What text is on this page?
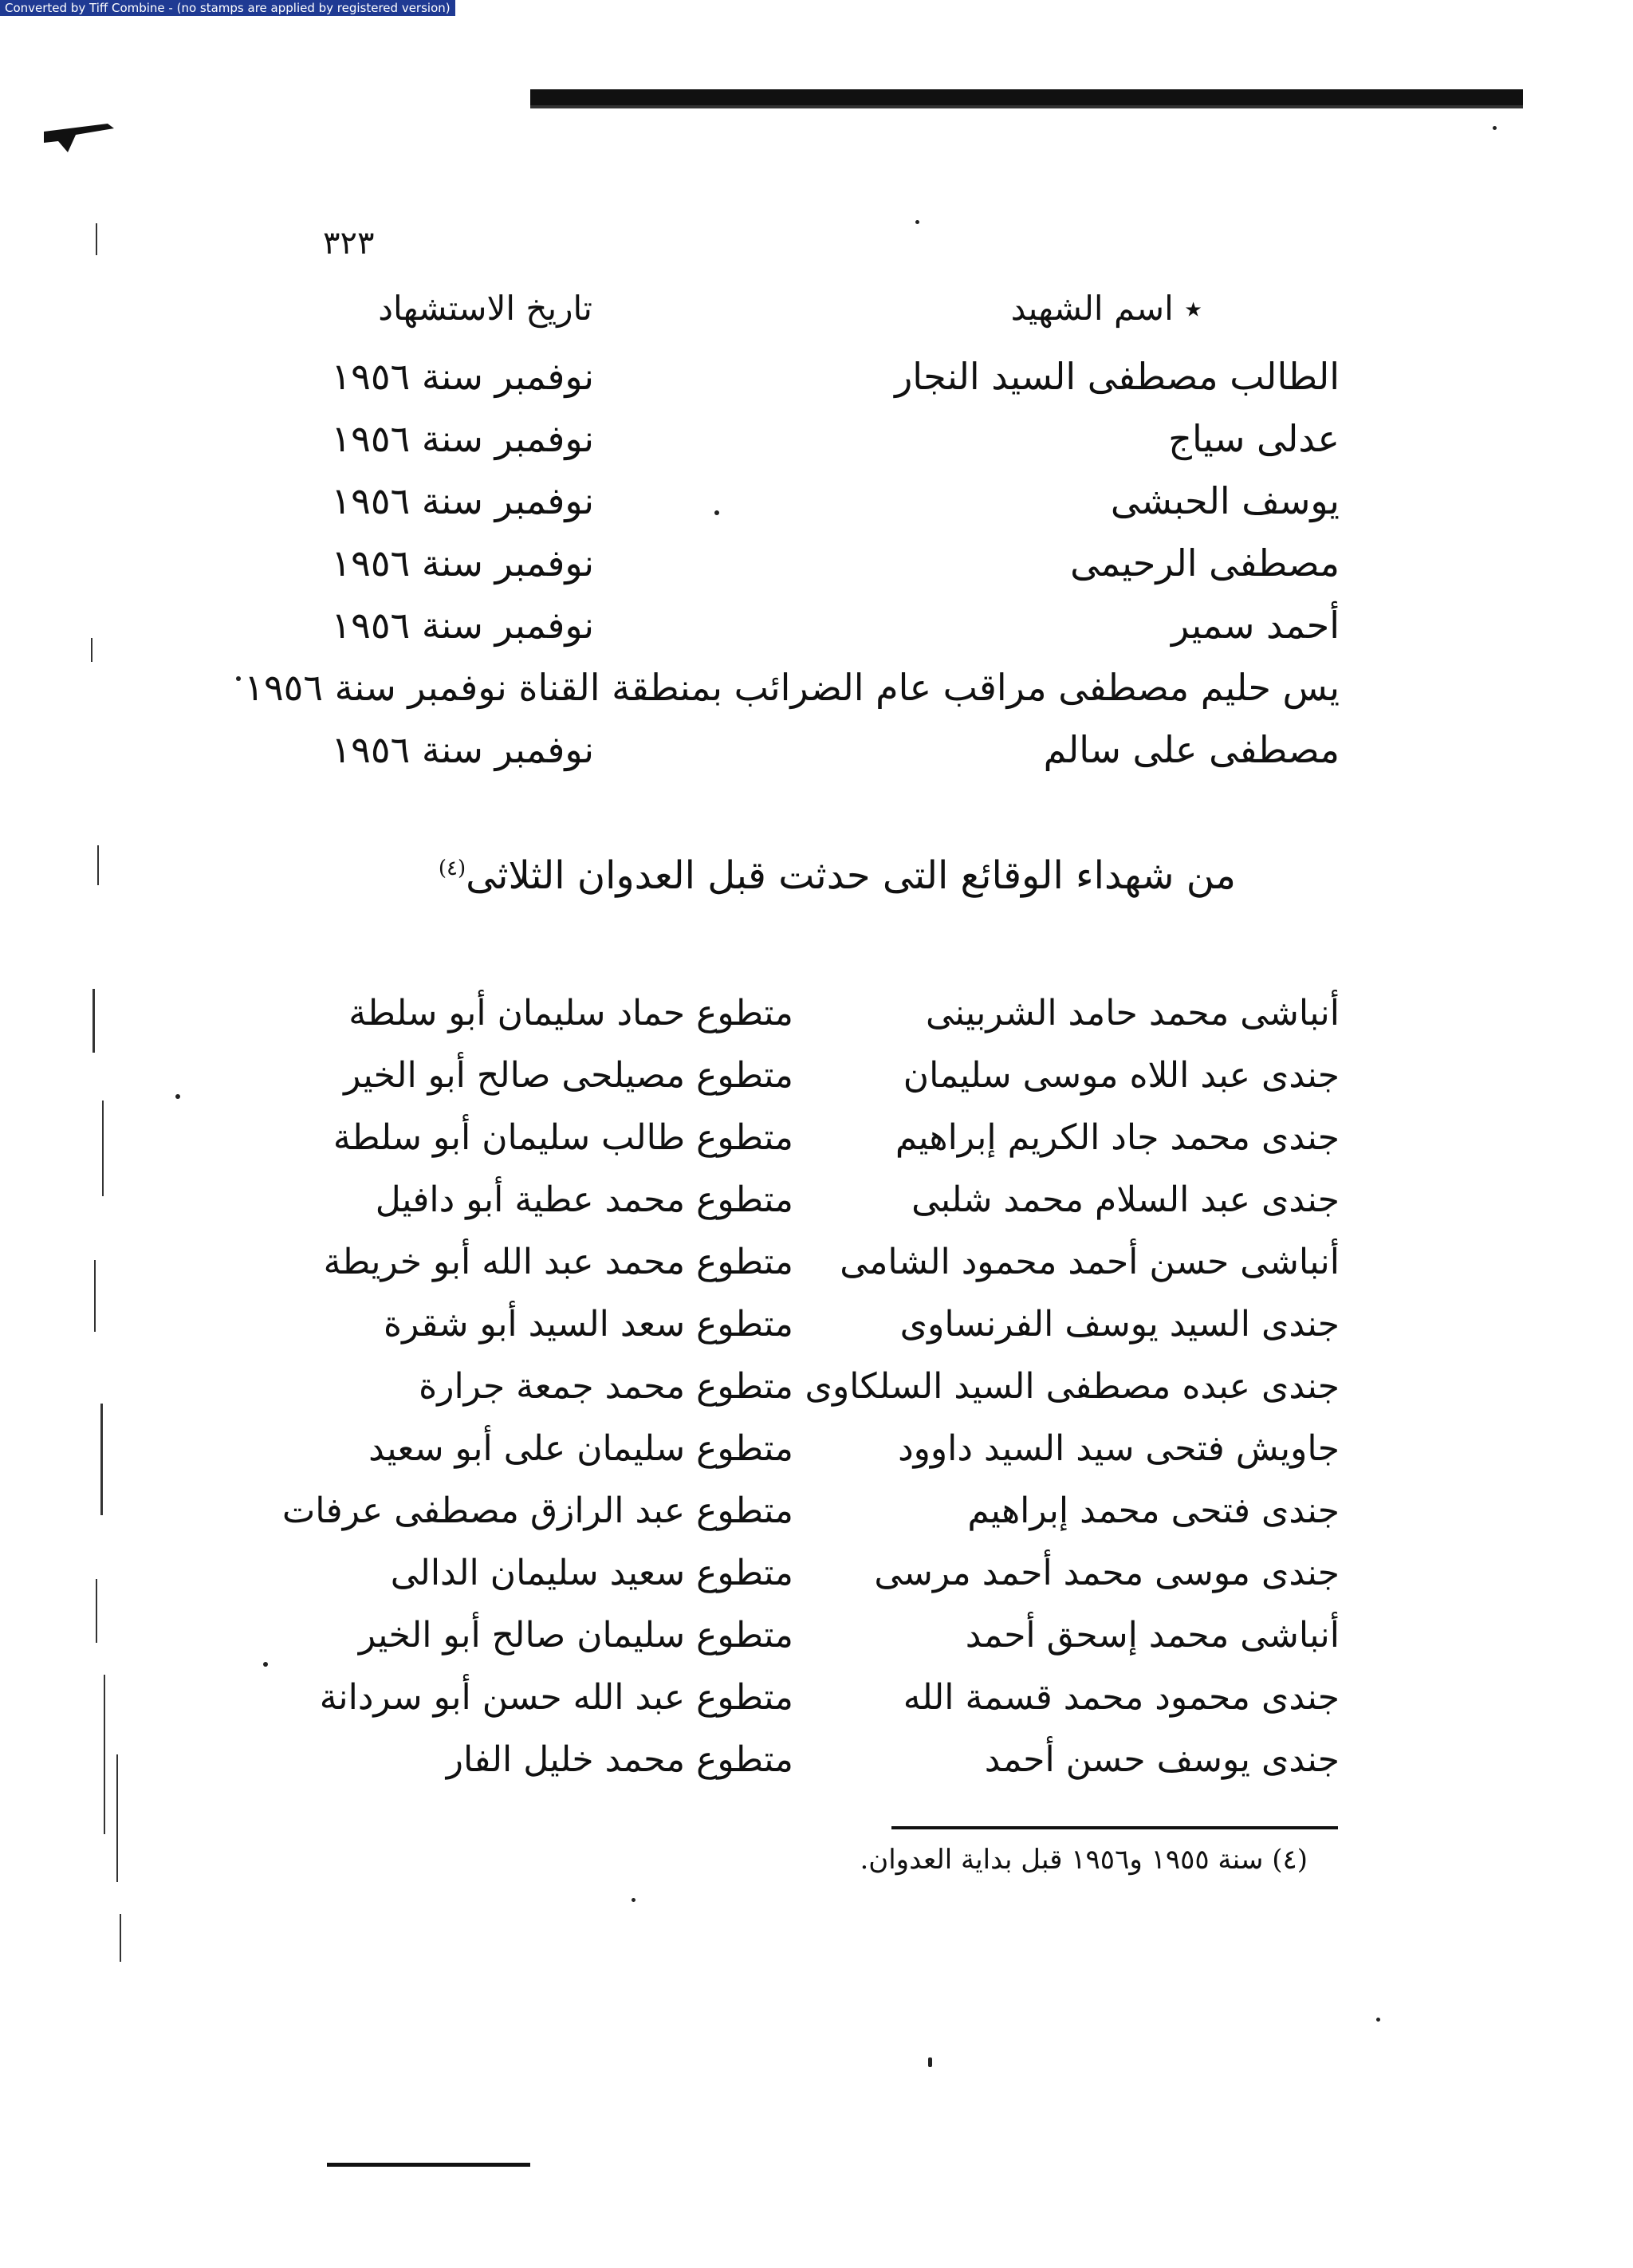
Converted by Tiff Combine - (no stamps are applied by registered version)
٣٢٣
٭ اسم الشهيد
تاريخ الاستشهاد
الطالب مصطفى السيد النجار
نوفمبر سنة ١٩٥٦
عدلى سياج
نوفمبر سنة ١٩٥٦
يوسف الحبشى
نوفمبر سنة ١٩٥٦
مصطفى الرحيمى
نوفمبر سنة ١٩٥٦
أحمد سمير
نوفمبر سنة ١٩٥٦
يس حليم مصطفى مراقب عام الضرائب بمنطقة القناة نوفمبر سنة ١٩٥٦
مصطفى على سالم
نوفمبر سنة ١٩٥٦
من شهداء الوقائع التى حدثت قبل العدوان الثلاثى$^{(٤)}$
أنباشى محمد حامد الشربينى
متطوع حماد سليمان أبو سلطة
جندى عبد اللاه موسى سليمان
متطوع مصيلحى صالح أبو الخير
جندى محمد جاد الكريم إبراهيم
متطوع طالب سليمان أبو سلطة
جندى عبد السلام محمد شلبى
متطوع محمد عطية أبو دافيل
أنباشى حسن أحمد محمود الشامى
متطوع محمد عبد الله أبو خريطة
جندى السيد يوسف الفرنساوى
متطوع سعد السيد أبو شقرة
جندى عبده مصطفى السيد السلكاوى
متطوع محمد جمعة جرارة
جاويش فتحى سيد السيد داوود
متطوع سليمان على أبو سعيد
جندى فتحى محمد إبراهيم
متطوع عبد الرازق مصطفى عرفات
جندى موسى محمد أحمد مرسى
متطوع سعيد سليمان الدالى
أنباشى محمد إسحق أحمد
متطوع سليمان صالح أبو الخير
جندى محمود محمد قسمة الله
متطوع عبد الله حسن أبو سردانة
جندى يوسف حسن أحمد
متطوع محمد خليل الفار
(٤) سنة ١٩٥٥ و١٩٥٦ قبل بداية العدوان.
